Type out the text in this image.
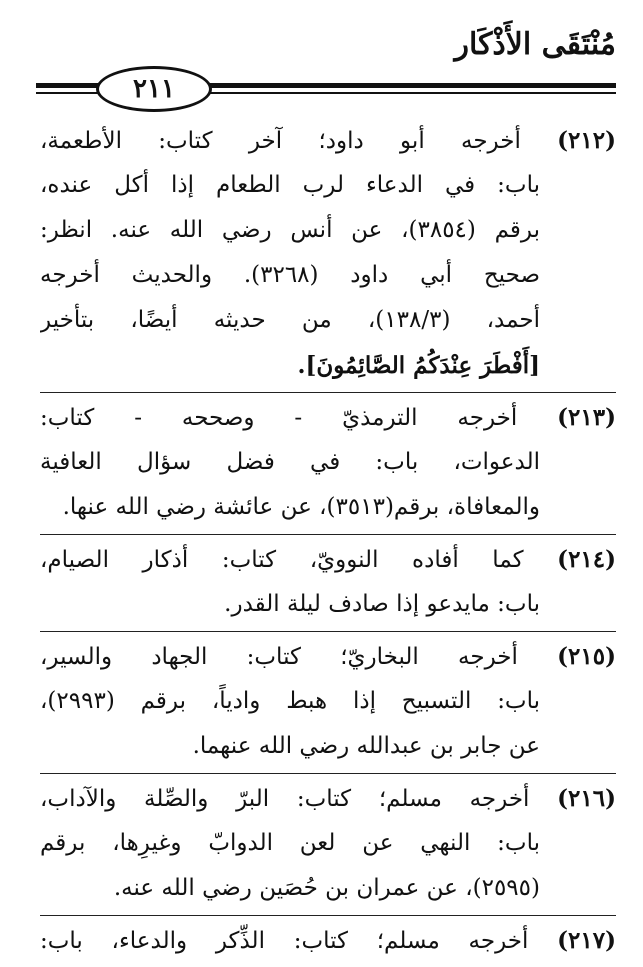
مُنْتَقَى الأَذْكَار
٢١١
(٢١٢) أخرجه أبو داود؛ آخر كتاب: الأطعمة،
باب: في الدعاء لرب الطعام إذا أكل عنده،
برقم (٣٨٥٤)، عن أنس رضي الله عنه. انظر:
صحيح أبي داود (٣٢٦٨). والحديث أخرجه
أحمد، (١٣٨/٣)، من حديثه أيضًا، بتأخير
[أَفْطَرَ عِنْدَكُمُ الصَّائِمُونَ].
(٢١٣) أخرجه الترمذيّ - وصححه - كتاب:
الدعوات، باب: في فضل سؤال العافية
والمعافاة، برقم(٣٥١٣)، عن عائشة رضي الله عنها.
(٢١٤) كما أفاده النوويّ، كتاب: أذكار الصيام،
باب: مايدعو إذا صادف ليلة القدر.
(٢١٥) أخرجه البخاريّ؛ كتاب: الجهاد والسير،
باب: التسبيح إذا هبط وادياً، برقم (٢٩٩٣)،
عن جابر بن عبدالله رضي الله عنهما.
(٢١٦) أخرجه مسلم؛ كتاب: البرّ والصِّلة والآداب،
باب: النهي عن لعن الدوابّ وغيرِها، برقم
(٢٥٩٥)، عن عمران بن حُصَين رضي الله عنه.
(٢١٧) أخرجه مسلم؛ كتاب: الذِّكر والدعاء، باب:
